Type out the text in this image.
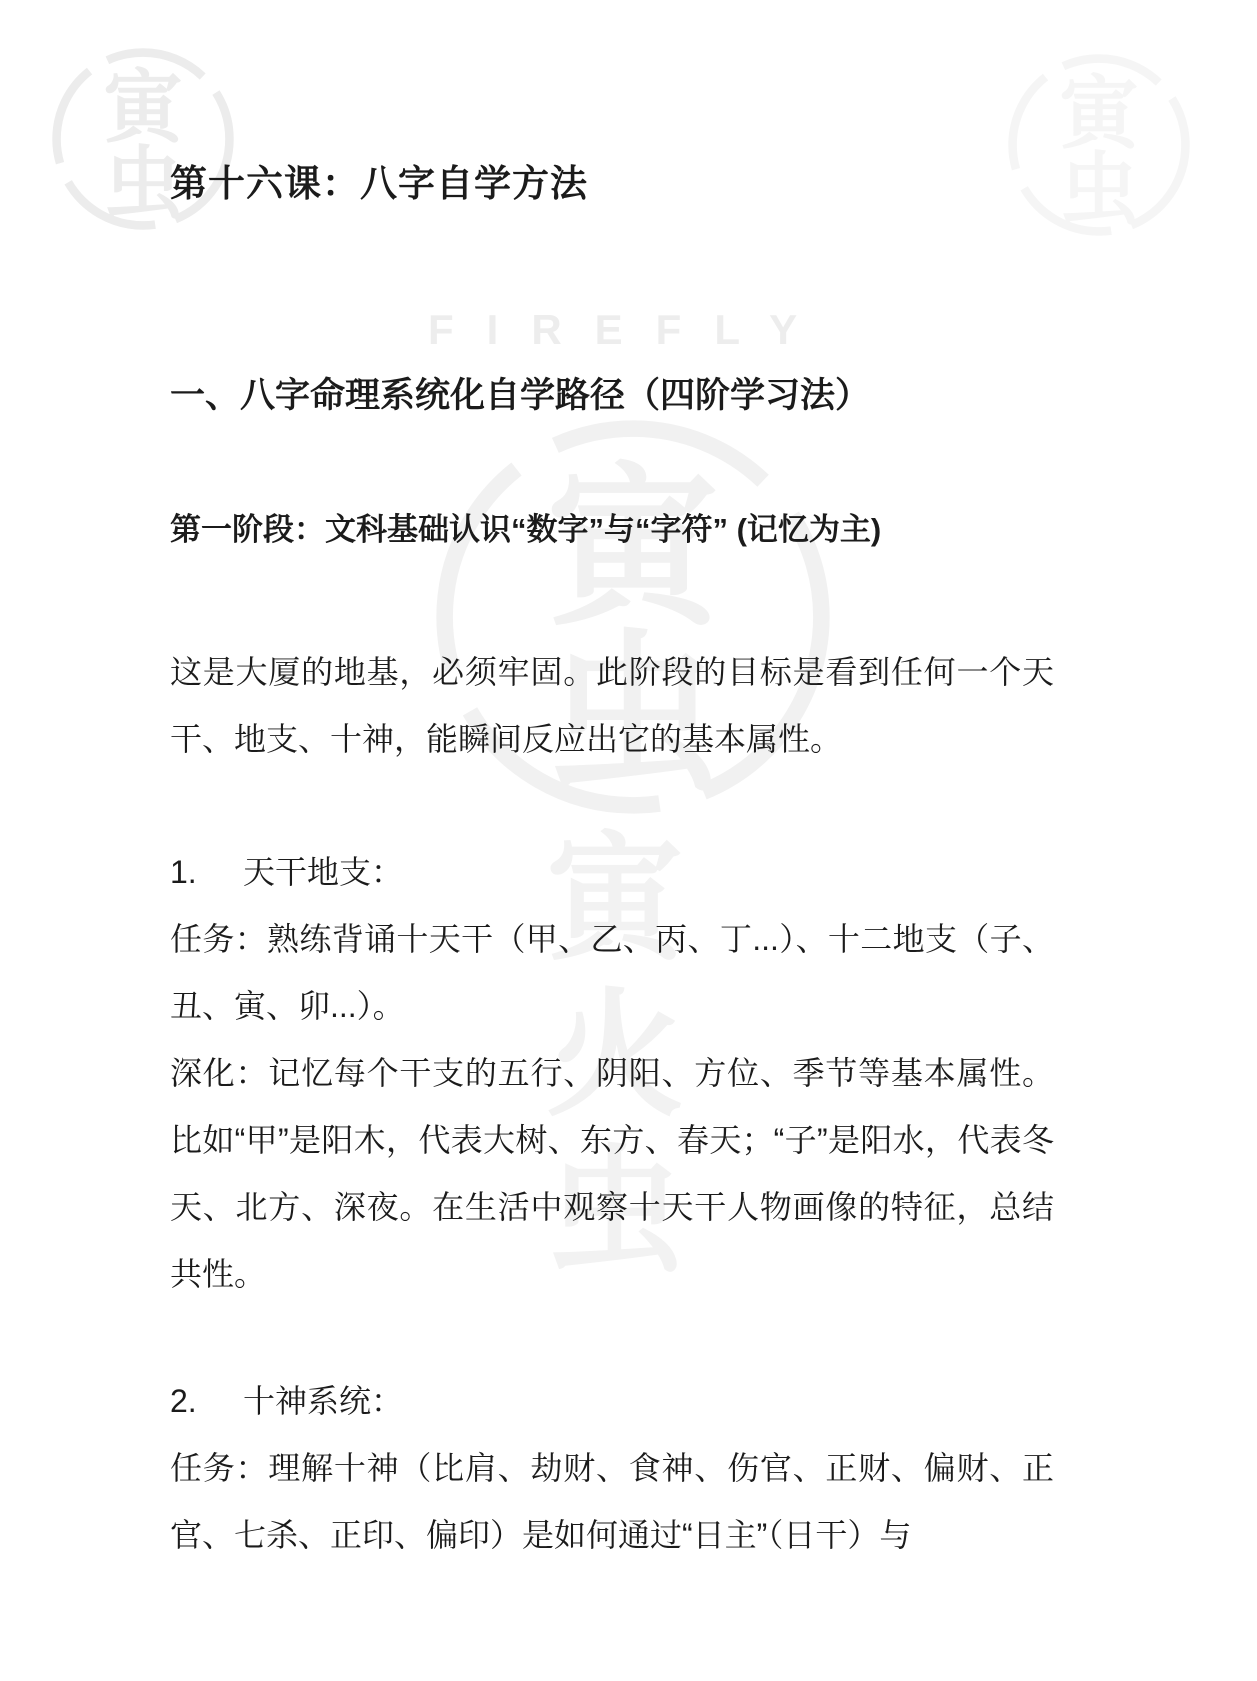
寅
虫
寅
虫
寅
虫
FIREFLY
寅
火
虫
第十六课：八字自学方法
一、八字命理系统化自学路径（四阶学习法）
第一阶段：文科基础认识“数字”与“字符” (记忆为主)

这是大厦的地基，必须牢固。此阶段的目标是看到任何一个天干、地支、十神，能瞬间反应出它的基本属性。

1. 天干地支：

任务：熟练背诵十天干（甲、乙、丙、丁...）、十二地支（子、丑、寅、卯...）。

深化：记忆每个干支的五行、阴阳、方位、季节等基本属性。比如“甲”是阳木，代表大树、东方、春天；“子”是阳水，代表冬天、北方、深夜。在生活中观察十天干人物画像的特征，总结共性。

2. 十神系统：

任务：理解十神（比肩、劫财、食神、伤官、正财、偏财、正官、七杀、正印、偏印）是如何通过“日主”（日干）与
